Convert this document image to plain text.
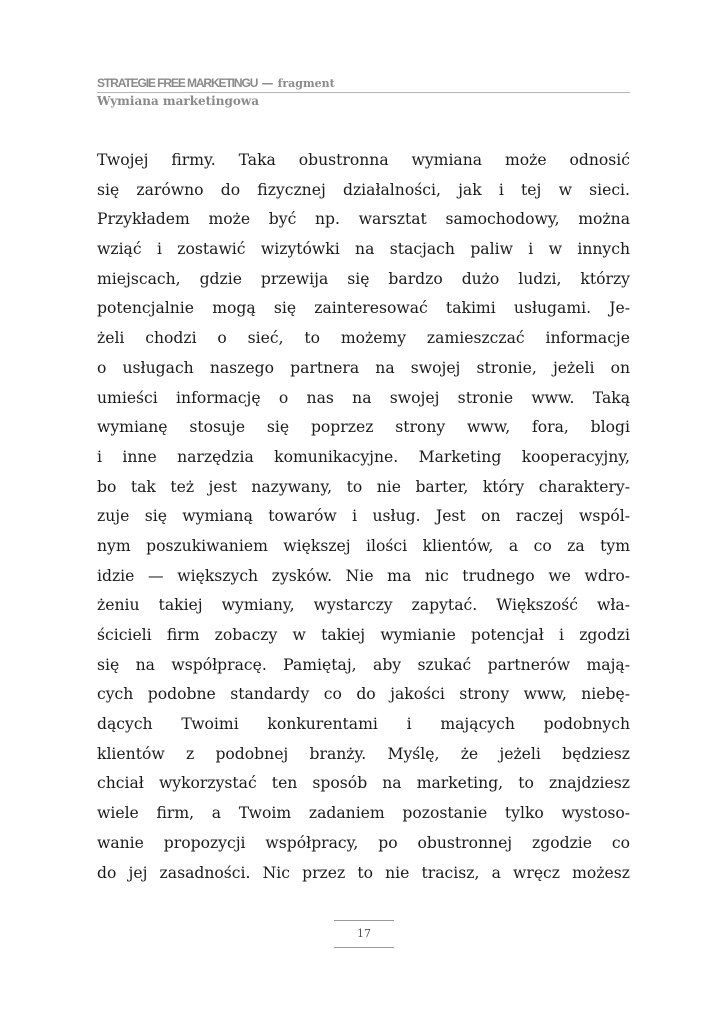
STRATEGIE FREE MARKETINGU — fragment
Wymiana marketingowa
Twojej firmy. Taka obustronna wymiana może odnosić
się zarówno do fizycznej działalności, jak i tej w sieci.
Przykładem może być np. warsztat samochodowy, można
wziąć i zostawić wizytówki na stacjach paliw i w innych
miejscach, gdzie przewija się bardzo dużo ludzi, którzy
potencjalnie mogą się zainteresować takimi usługami. Je-
żeli chodzi o sieć, to możemy zamieszczać informacje
o usługach naszego partnera na swojej stronie, jeżeli on
umieści informację o nas na swojej stronie www. Taką
wymianę stosuje się poprzez strony www, fora, blogi
i inne narzędzia komunikacyjne. Marketing kooperacyjny,
bo tak też jest nazywany, to nie barter, który charaktery-
zuje się wymianą towarów i usług. Jest on raczej wspól-
nym poszukiwaniem większej ilości klientów, a co za tym
idzie — większych zysków. Nie ma nic trudnego we wdro-
żeniu takiej wymiany, wystarczy zapytać. Większość wła-
ścicieli firm zobaczy w takiej wymianie potencjał i zgodzi
się na współpracę. Pamiętaj, aby szukać partnerów mają-
cych podobne standardy co do jakości strony www, niebę-
dących Twoimi konkurentami i mających podobnych
klientów z podobnej branży. Myślę, że jeżeli będziesz
chciał wykorzystać ten sposób na marketing, to znajdziesz
wiele firm, a Twoim zadaniem pozostanie tylko wystoso-
wanie propozycji współpracy, po obustronnej zgodzie co
do jej zasadności. Nic przez to nie tracisz, a wręcz możesz
17
